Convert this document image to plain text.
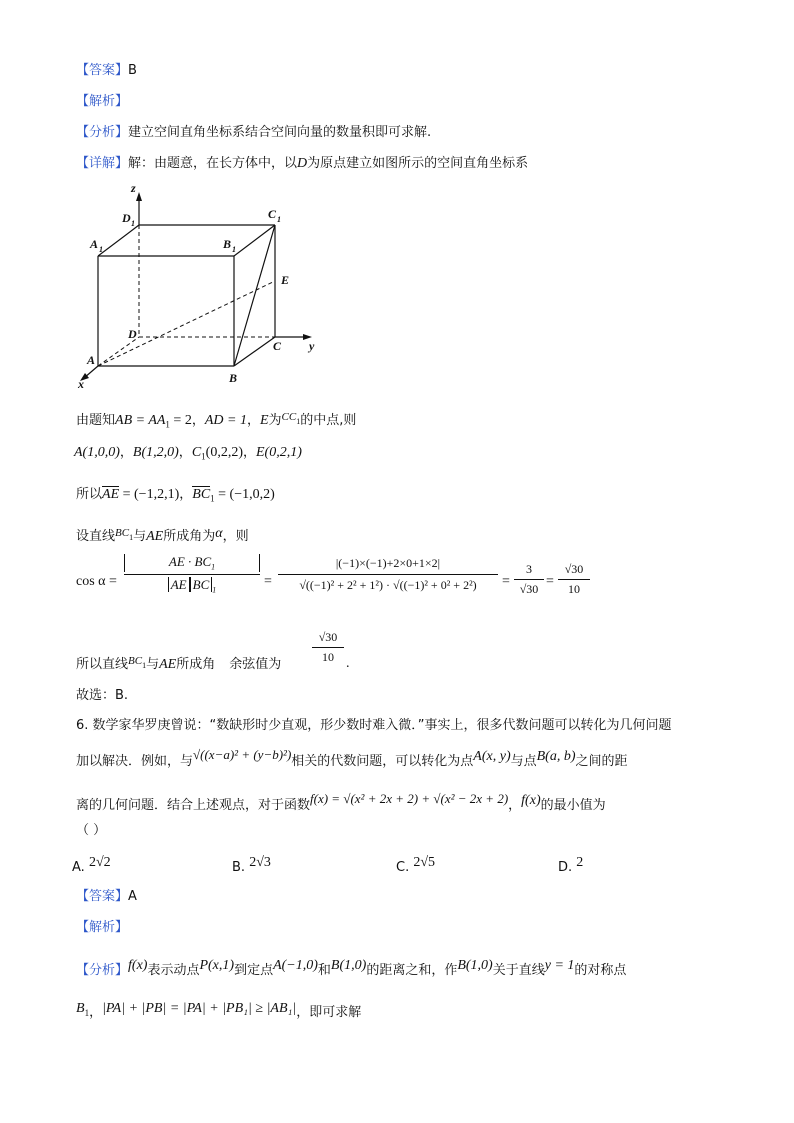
【答案】B
【解析】
【分析】建立空间直角坐标系结合空间向量的数量积即可求解.
【详解】解：由题意，在长方体中，以D为原点建立如图所示的空间直角坐标系
z
y
x
D 1
C 1
A 1	B 1
E
D
C
A
B
由题知AB = $AA_1 = 2$，AD = 1，E为$^{CC}_1$的中点,则
A(1,0,0)，B(1,2,0)，$C_1(0,2,2)$，E(0,2,1)
所以AE = (−1,2,1)，$BC_1 = (-1,0,2)$
设直线$^{BC}_1$与AE所成角为α，则
cos α =
AE · $BC_1$
AE BC $_1$
=
|(−1)×(−1)+2×0+1×2|
√((−1)² + 2² + 1²) · √((−1)² + 0² + 2²)	=
3
√30 =
√30
10
所以直线$^{BC}_1$与AE所成角 余弦值为
√30
10 .
故选：B.
6. 数学家华罗庚曾说：“数缺形时少直观，形少数时难入微．”事实上，很多代数问题可以转化为几何问题
加以解决．例如，与√((x−a)² + (y−b)²)相关的代数问题，可以转化为点A(x, y)与点B(a, b)之间的距
离的几何问题．结合上述观点，对于函数f(x) = √(x² + 2x + 2) + √(x² − 2x + 2)，f(x)的最小值为
（ ）
A. 2√2	B. 2√3	C. 2√5	D. 2
【答案】A
【解析】
【分析】f(x)表示动点P(x,1)到定点A(−1,0)和B(1,0)的距离之和，作B(1,0)关于直线y = 1的对称点
$B_1$，|PA| + |PB| = |PA| + |PB₁| ≥ |AB₁|，即可求解
